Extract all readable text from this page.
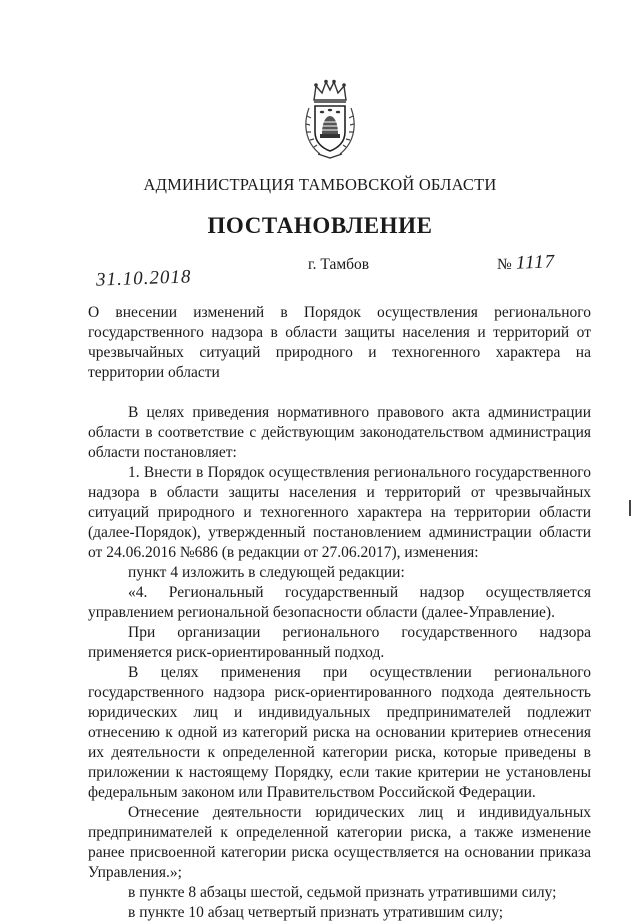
АДМИНИСТРАЦИЯ ТАМБОВСКОЙ ОБЛАСТИ
ПОСТАНОВЛЕНИЕ
31.10.2018
г. Тамбов	№ 1117
О внесении изменений в Порядок осуществления регионального государственного надзора в области защиты населения и территорий от чрезвычайных ситуаций природного и техногенного характера на территории области

В целях приведения нормативного правового акта администрации области в соответствие с действующим законодательством администрация области постановляет:

1. Внести в Порядок осуществления регионального государственного надзора в области защиты населения и территорий от чрезвычайных ситуаций природного и техногенного характера на территории области (далее-Порядок), утвержденный постановлением администрации области от 24.06.2016 №686 (в редакции от 27.06.2017), изменения:

пункт 4 изложить в следующей редакции:

«4. Региональный государственный надзор осуществляется управлением региональной безопасности области (далее-Управление).

При организации регионального государственного надзора применяется риск-ориентированный подход.

В целях применения при осуществлении регионального государственного надзора риск-ориентированного подхода деятельность юридических лиц и индивидуальных предпринимателей подлежит отнесению к одной из категорий риска на основании критериев отнесения их деятельности к определенной категории риска, которые приведены в приложении к настоящему Порядку, если такие критерии не установлены федеральным законом или Правительством Российской Федерации.

Отнесение деятельности юридических лиц и индивидуальных предпринимателей к определенной категории риска, а также изменение ранее присвоенной категории риска осуществляется на основании приказа Управления.»;

в пункте 8 абзацы шестой, седьмой признать утратившими силу;

в пункте 10 абзац четвертый признать утратившим силу;
